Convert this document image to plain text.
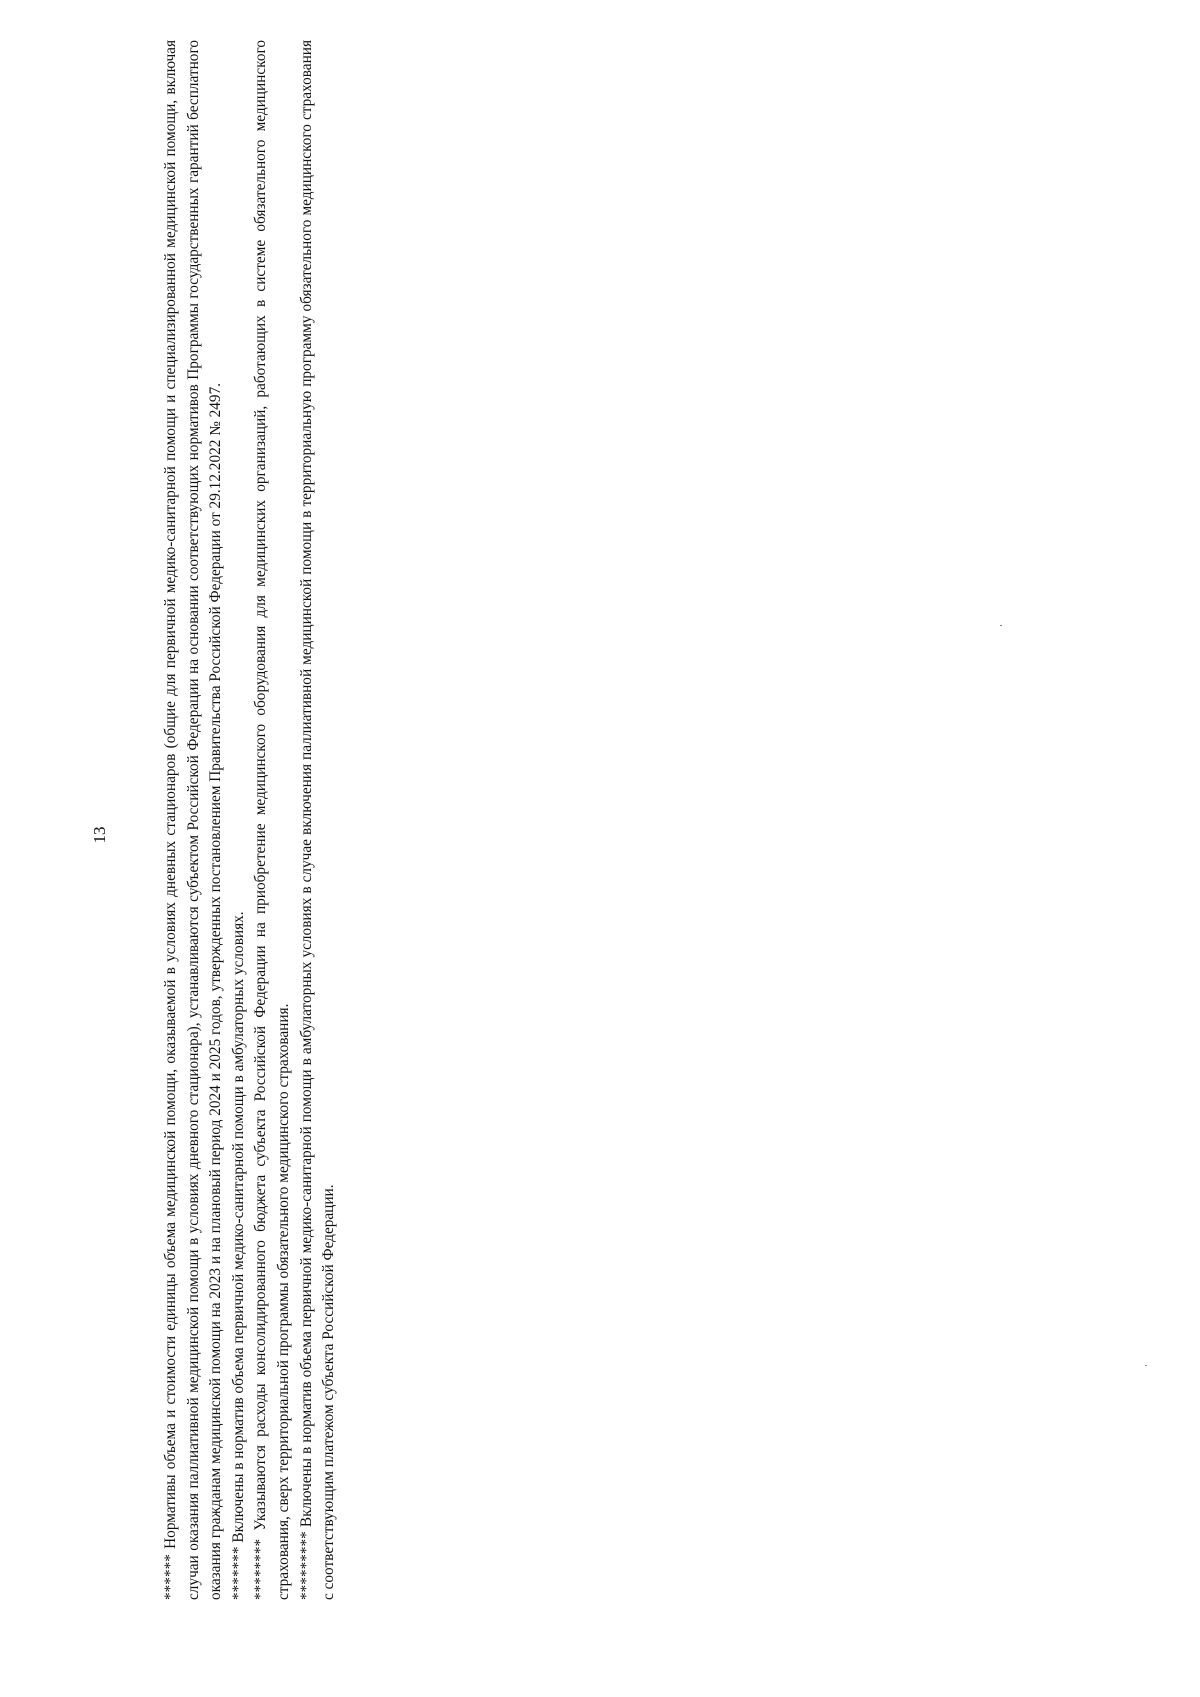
13

****** Нормативы объема и стоимости единицы объема медицинской помощи, оказываемой в условиях дневных стационаров (общие для первичной медико-санитарной помощи и специализированной медицинской помощи, включая случаи оказания паллиативной медицинской помощи в условиях дневного стационара), устанавливаются субъектом Российской Федерации на основании соответствующих нормативов Программы государственных гарантий бесплатного оказания гражданам медицинской помощи на 2023 и на плановый период 2024 и 2025 годов, утвержденных постановлением Правительства Российской Федерации от 29.12.2022 № 2497. ******* Включены в норматив объема первичной медико-санитарной помощи в амбулаторных условиях.

******** Указываются расходы консолидированного бюджета субъекта Российской Федерации на приобретение медицинского оборудования для медицинских организаций, работающих в системе обязательного медицинского страхования, сверх территориальной программы обязательного медицинского страхования. ********* Включены в норматив объема первичной медико-санитарной помощи в амбулаторных условиях в случае включения паллиативной медицинской помощи в территориальную программу обязательного медицинского страхования с соответствующим платежом субъекта Российской Федерации.
